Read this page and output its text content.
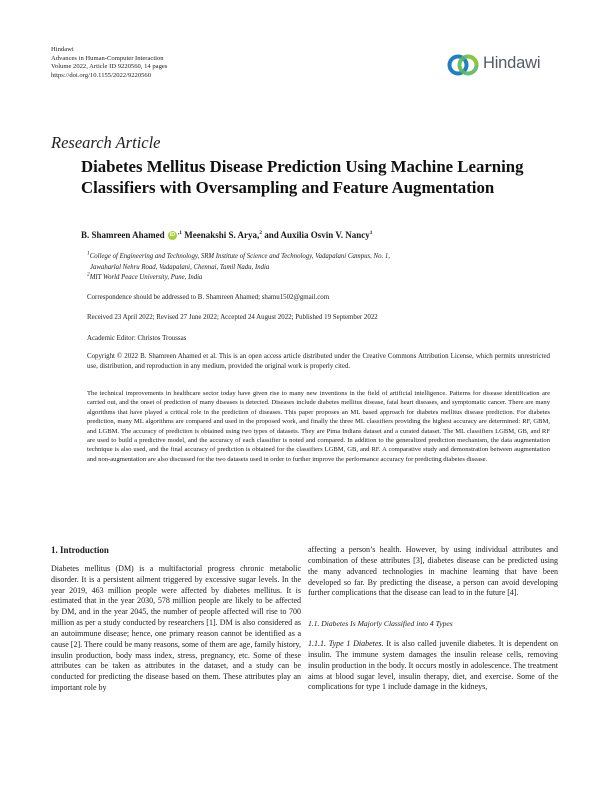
Hindawi
Advances in Human-Computer Interaction
Volume 2022, Article ID 9220560, 14 pages
https://doi.org/10.1155/2022/9220560
Hindawi
Research Article
Diabetes Mellitus Disease Prediction Using Machine Learning Classifiers with Oversampling and Feature Augmentation
B. Shamreen Ahamed iD $^{,1}$ Meenakshi S. Arya,$^2$ and Auxilia Osvin V. Nancy$^1$
$^1$College of Engineering and Technology, SRM Institute of Science and Technology, Vadapalani Campus, No. 1,
Jawaharlal Nehru Road, Vadapalani, Chennai, Tamil Nadu, India
$^2$MIT World Peace University, Pune, India
Correspondence should be addressed to B. Shamreen Ahamed; shamu1502@gmail.com
Received 23 April 2022; Revised 27 June 2022; Accepted 24 August 2022; Published 19 September 2022
Academic Editor: Christos Troussas
Copyright © 2022 B. Shamreen Ahamed et al. This is an open access article distributed under the Creative Commons Attribution License, which permits unrestricted use, distribution, and reproduction in any medium, provided the original work is properly cited.
The technical improvements in healthcare sector today have given rise to many new inventions in the field of artificial intelligence. Patterns for disease identification are carried out, and the onset of prediction of many diseases is detected. Diseases include diabetes mellitus disease, fatal heart diseases, and symptomatic cancer. There are many algorithms that have played a critical role in the prediction of diseases. This paper proposes an ML based approach for diabetes mellitus disease prediction. For diabetes prediction, many ML algorithms are compared and used in the proposed work, and finally the three ML classifiers providing the highest accuracy are determined: RF, GBM, and LGBM. The accuracy of prediction is obtained using two types of datasets. They are Pima Indians dataset and a curated dataset. The ML classifiers LGBM, GB, and RF are used to build a predictive model, and the accuracy of each classifier is noted and compared. In addition to the generalized prediction mechanism, the data augmentation technique is also used, and the final accuracy of prediction is obtained for the classifiers LGBM, GB, and RF. A comparative study and demonstration between augmentation and non-augmentation are also discussed for the two datasets used in order to further improve the performance accuracy for predicting diabetes disease.
1. Introduction

Diabetes mellitus (DM) is a multifactorial progress chronic metabolic disorder. It is a persistent ailment triggered by excessive sugar levels. In the year 2019, 463 million people were affected by diabetes mellitus. It is estimated that in the year 2030, 578 million people are likely to be affected by DM, and in the year 2045, the number of people affected will rise to 700 million as per a study conducted by researchers [1]. DM is also considered as an autoimmune disease; hence, one primary reason cannot be identified as a cause [2]. There could be many reasons, some of them are age, family history, insulin production, body mass index, stress, pregnancy, etc. Some of these attributes can be taken as attributes in the dataset, and a study can be conducted for predicting the disease based on them. These attributes play an important role by

affecting a person’s health. However, by using individual attributes and combination of these attributes [3], diabetes disease can be predicted using the many advanced technologies in machine learning that have been developed so far. By predicting the disease, a person can avoid developing further complications that the disease can lead to in the future [4].

1.1. Diabetes Is Majorly Classified into 4 Types

1.1.1. Type 1 Diabetes. It is also called juvenile diabetes. It is dependent on insulin. The immune system damages the insulin release cells, removing insulin production in the body. It occurs mostly in adolescence. The treatment aims at blood sugar level, insulin therapy, diet, and exercise. Some of the complications for type 1 include damage in the kidneys,
